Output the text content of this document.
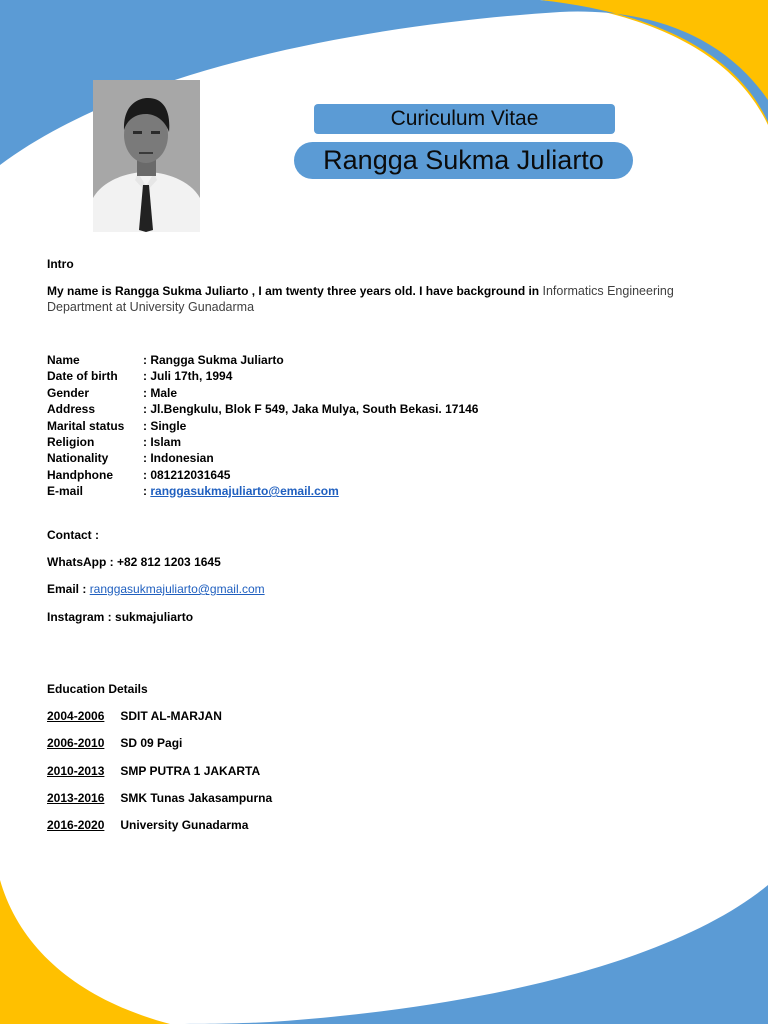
Curiculum Vitae
Rangga Sukma Juliarto
Intro
My name is Rangga Sukma Juliarto , I am twenty three years old. I have background in Informatics Engineering Department at University Gunadarma
Name	: Rangga Sukma Juliarto
Date of birth : Juli 17th, 1994
Gender	: Male
Address	: Jl.Bengkulu, Blok F 549, Jaka Mulya, South Bekasi. 17146
Marital status : Single
Religion	: Islam
Nationality	: Indonesian
Handphone	: 081212031645
E-mail	: ranggasukmajuliarto@email.com
Contact :
WhatsApp : +82 812 1203 1645
Email : ranggasukmajuliarto@gmail.com
Instagram : sukmajuliarto
Education Details
2004-2006 SDIT AL-MARJAN
2006-2010 SD 09 Pagi
2010-2013 SMP PUTRA 1 JAKARTA
2013-2016 SMK Tunas Jakasampurna
2016-2020 University Gunadarma
